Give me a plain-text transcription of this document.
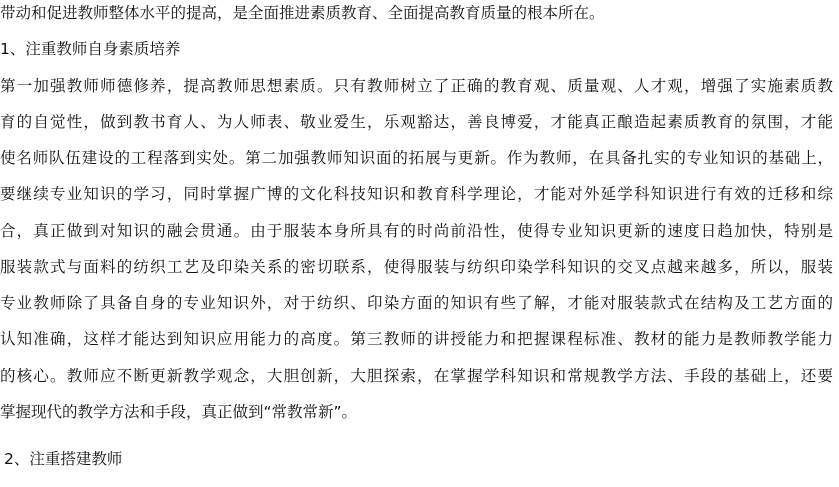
带动和促进教师整体水平的提高，是全面推进素质教育、全面提高教育质量的根本所在。
1、注重教师自身素质培养
第一加强教师师德修养，提高教师思想素质。只有教师树立了正确的教育观、质量观、人才观，增强了实施素质教
育的自觉性，做到教书育人、为人师表、敬业爱生，乐观豁达，善良博爱，才能真正酿造起素质教育的氛围，才能
使名师队伍建设的工程落到实处。第二加强教师知识面的拓展与更新。作为教师，在具备扎实的专业知识的基础上，
要继续专业知识的学习，同时掌握广博的文化科技知识和教育科学理论，才能对外延学科知识进行有效的迁移和综
合，真正做到对知识的融会贯通。由于服装本身所具有的时尚前沿性，使得专业知识更新的速度日趋加快，特别是
服装款式与面料的纺织工艺及印染关系的密切联系，使得服装与纺织印染学科知识的交叉点越来越多，所以，服装
专业教师除了具备自身的专业知识外，对于纺织、印染方面的知识有些了解，才能对服装款式在结构及工艺方面的
认知准确，这样才能达到知识应用能力的高度。第三教师的讲授能力和把握课程标准、教材的能力是教师教学能力
的核心。教师应不断更新教学观念，大胆创新，大胆探索，在掌握学科知识和常规教学方法、手段的基础上，还要
掌握现代的教学方法和手段，真正做到“常教常新”。
2、注重搭建教师
